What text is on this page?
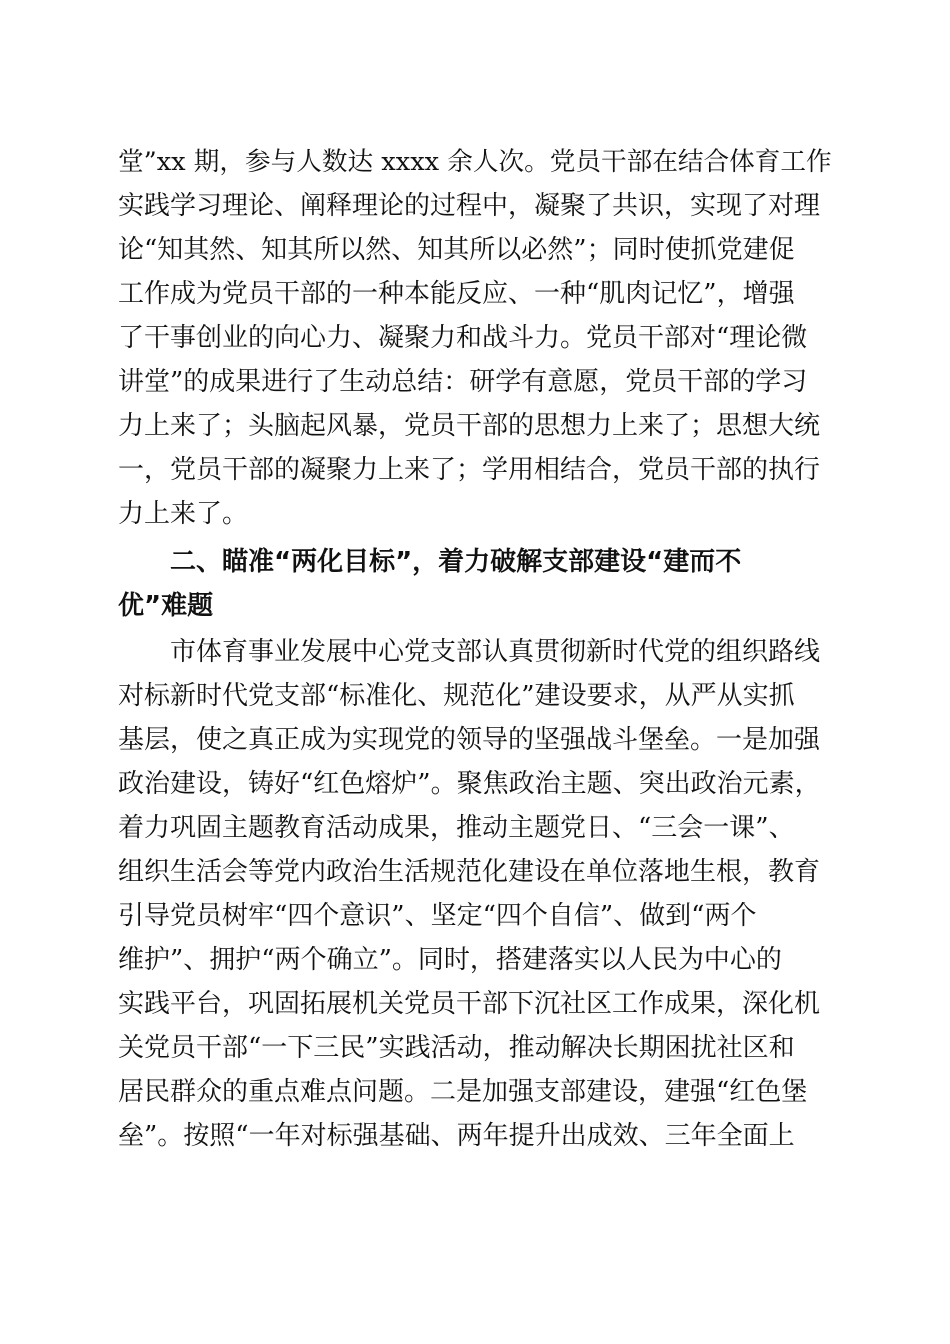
堂”xx 期，参与人数达 xxxx 余人次。党员干部在结合体育工作
实践学习理论、阐释理论的过程中，凝聚了共识，实现了对理
论“知其然、知其所以然、知其所以必然”；同时使抓党建促
工作成为党员干部的一种本能反应、一种“肌肉记忆”，增强
了干事创业的向心力、凝聚力和战斗力。党员干部对“理论微
讲堂”的成果进行了生动总结：研学有意愿，党员干部的学习
力上来了；头脑起风暴，党员干部的思想力上来了；思想大统
一，党员干部的凝聚力上来了；学用相结合，党员干部的执行
力上来了。
二、瞄准“两化目标”，着力破解支部建设“建而不
优”难题
市体育事业发展中心党支部认真贯彻新时代党的组织路线
对标新时代党支部“标准化、规范化”建设要求，从严从实抓
基层，使之真正成为实现党的领导的坚强战斗堡垒。一是加强
政治建设，铸好“红色熔炉”。聚焦政治主题、突出政治元素，
着力巩固主题教育活动成果，推动主题党日、“三会一课”、
组织生活会等党内政治生活规范化建设在单位落地生根，教育
引导党员树牢“四个意识”、坚定“四个自信”、做到“两个
维护”、拥护“两个确立”。同时，搭建落实以人民为中心的
实践平台，巩固拓展机关党员干部下沉社区工作成果，深化机
关党员干部“一下三民”实践活动，推动解决长期困扰社区和
居民群众的重点难点问题。二是加强支部建设，建强“红色堡
垒”。按照“一年对标强基础、两年提升出成效、三年全面上
